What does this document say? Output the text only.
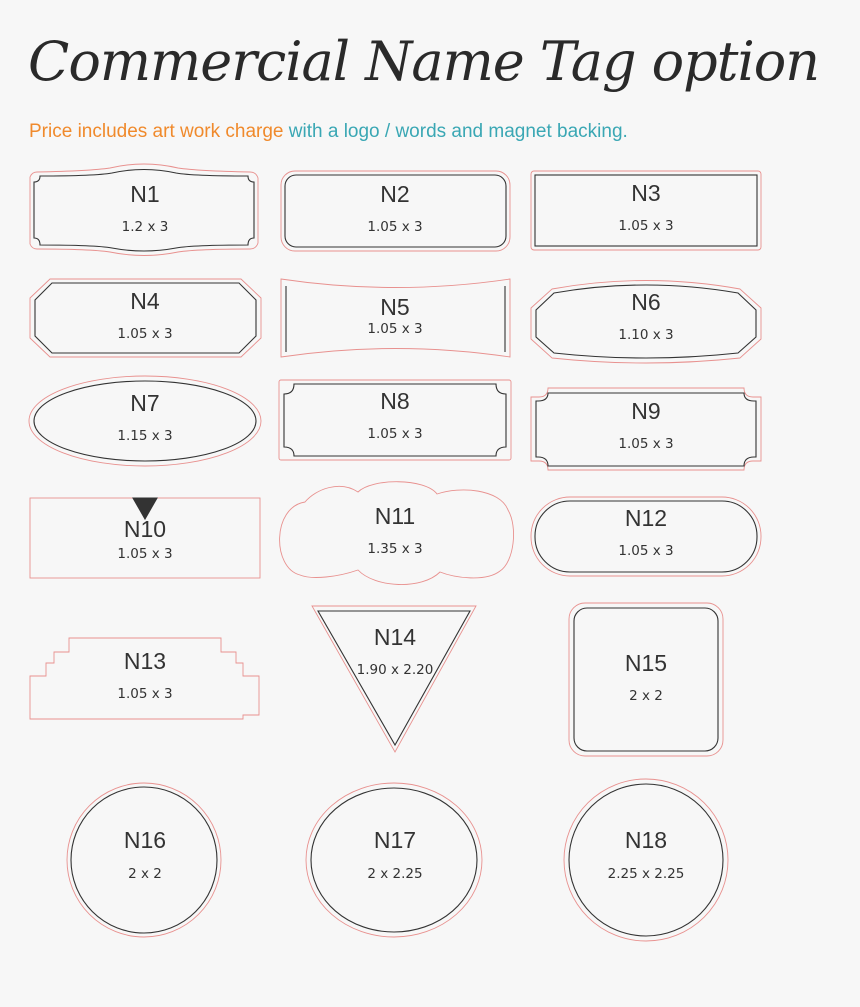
Commercial Name Tag option
Price includes art work charge with a logo / words and magnet backing.
N1
1.2 x 3
N2
1.05 x 3
N3
1.05 x 3
N4
1.05 x 3
N5
1.05 x 3
N6
1.10 x 3
N7
1.15 x 3
N8
1.05 x 3
N9
1.05 x 3
N10
1.05 x 3
N11
1.35 x 3
N12
1.05 x 3
N13
1.05 x 3
N14
1.90 x 2.20	N15
2 x 2
N16
2 x 2
N17
2 x 2.25
N18
2.25 x 2.25
